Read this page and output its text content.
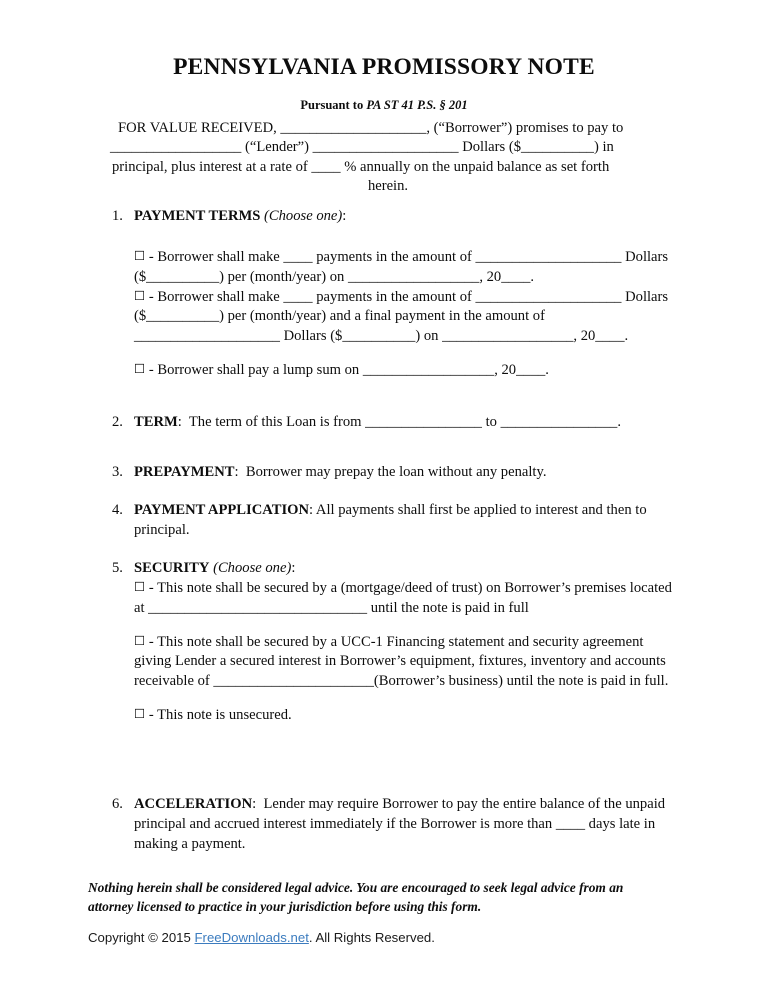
PENNSYLVANIA PROMISSORY NOTE

Pursuant to PA ST 41 P.S. § 201

FOR VALUE RECEIVED, ____________________, (“Borrower”) promises to pay to
__________________ (“Lender”) ____________________ Dollars ($__________) in
principal, plus interest at a rate of ____ % annually on the unpaid balance as set forth
herein.
1. PAYMENT TERMS (Choose one):
☐ - Borrower shall make ____ payments in the amount of ____________________ Dollars ($__________) per (month/year) on __________________, 20____.
☐ - Borrower shall make ____ payments in the amount of ____________________ Dollars ($__________) per (month/year) and a final payment in the amount of ____________________ Dollars ($__________) on __________________, 20____.
☐ - Borrower shall pay a lump sum on __________________, 20____.
2. TERM:  The term of this Loan is from ________________ to ________________.
3. PREPAYMENT:  Borrower may prepay the loan without any penalty.
4. PAYMENT APPLICATION: All payments shall first be applied to interest and then to principal.
5. SECURITY (Choose one):
☐ - This note shall be secured by a (mortgage/deed of trust) on Borrower’s premises located at ______________________________ until the note is paid in full
☐ - This note shall be secured by a UCC-1 Financing statement and security agreement giving Lender a secured interest in Borrower’s equipment, fixtures, inventory and accounts receivable of ______________________(Borrower’s business) until the note is paid in full.
☐ - This note is unsecured.
6. ACCELERATION:  Lender may require Borrower to pay the entire balance of the unpaid principal and accrued interest immediately if the Borrower is more than ____ days late in making a payment.
Nothing herein shall be considered legal advice. You are encouraged to seek legal advice from an attorney licensed to practice in your jurisdiction before using this form.
Copyright © 2015 FreeDownloads.net. All Rights Reserved.
